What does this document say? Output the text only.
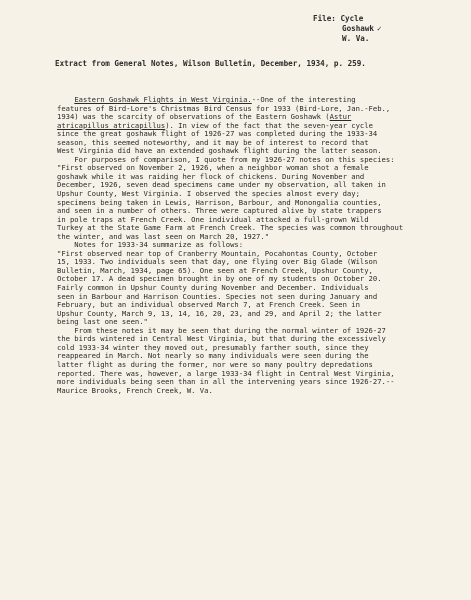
File: Cycle
Goshawk ✓
W. Va.
Extract from General Notes, Wilson Bulletin, December, 1934, p. 259.
Eastern Goshawk Flights in West Virginia.--One of the interesting
features of Bird-Lore's Christmas Bird Census for 1933 (Bird-Lore, Jan.-Feb.,
1934) was the scarcity of observations of the Eastern Goshawk (Astur
atricapillus atricapillus). In view of the fact that the seven-year cycle
since the great goshawk flight of 1926-27 was completed during the 1933-34
season, this seemed noteworthy, and it may be of interest to record that
West Virginia did have an extended goshawk flight during the latter season.
For purposes of comparison, I quote from my 1926-27 notes on this species:
"First observed on November 2, 1926, when a neighbor woman shot a female
goshawk while it was raiding her flock of chickens. During November and
December, 1926, seven dead specimens came under my observation, all taken in
Upshur County, West Virginia. I observed the species almost every day;
specimens being taken in Lewis, Harrison, Barbour, and Monongalia counties,
and seen in a number of others. Three were captured alive by state trappers
in pole traps at French Creek. One individual attacked a full-grown Wild
Turkey at the State Game Farm at French Creek. The species was common throughout
the winter, and was last seen on March 20, 1927."
Notes for 1933-34 summarize as follows:
"First observed near top of Cranberry Mountain, Pocahontas County, October
15, 1933. Two individuals seen that day, one flying over Big Glade (Wilson
Bulletin, March, 1934, page 65). One seen at French Creek, Upshur County,
October 17. A dead specimen brought in by one of my students on October 20.
Fairly common in Upshur County during November and December. Individuals
seen in Barbour and Harrison Counties. Species not seen during January and
February, but an individual observed March 7, at French Creek. Seen in
Upshur County, March 9, 13, 14, 16, 20, 23, and 29, and April 2; the latter
being last one seen."
From these notes it may be seen that during the normal winter of 1926-27
the birds wintered in Central West Virginia, but that during the excessively
cold 1933-34 winter they moved out, presumably farther south, since they
reappeared in March. Not nearly so many individuals were seen during the
latter flight as during the former, nor were so many poultry depredations
reported. There was, however, a large 1933-34 flight in Central West Virginia,
more individuals being seen than in all the intervening years since 1926-27.--
Maurice Brooks, French Creek, W. Va.
